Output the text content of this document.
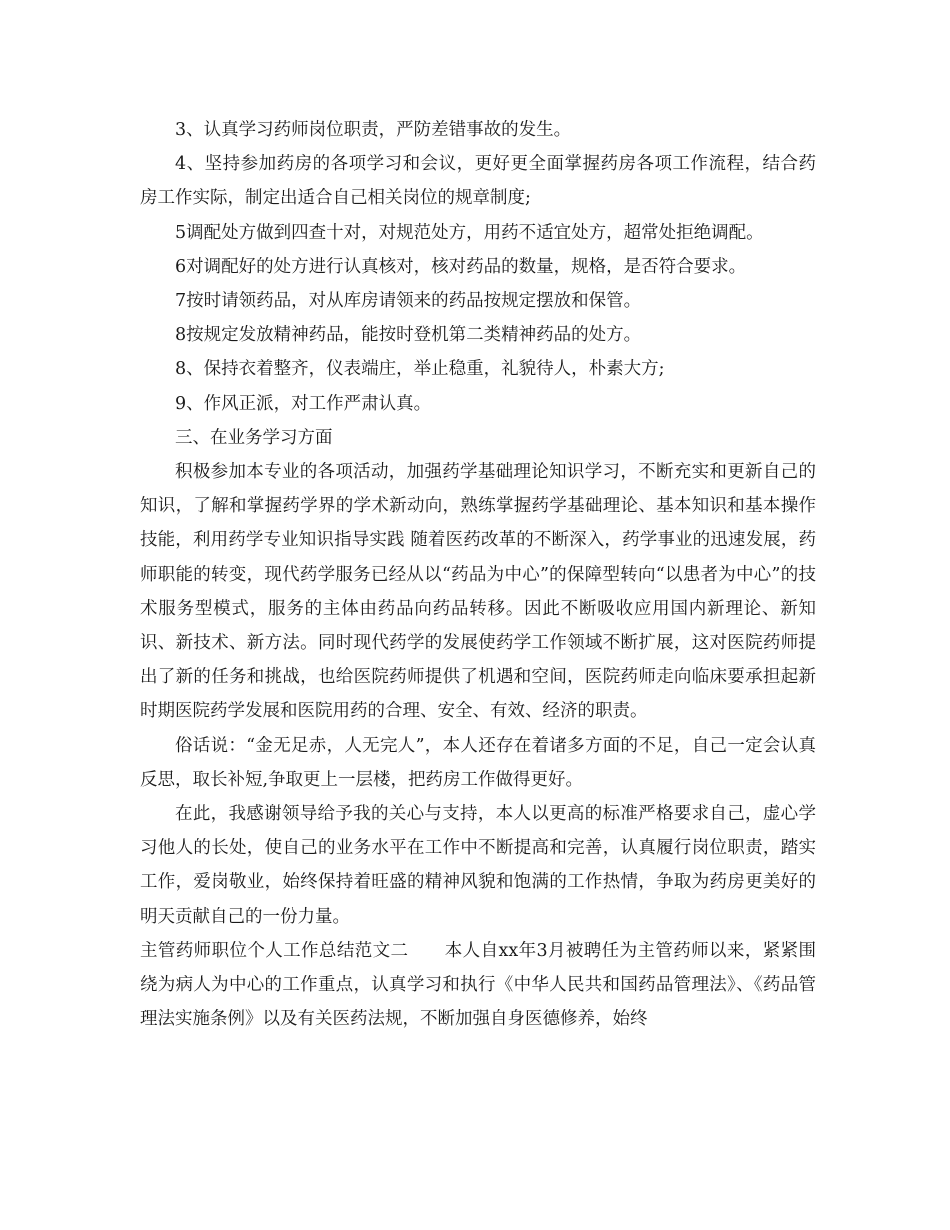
3、认真学习药师岗位职责，严防差错事故的发生。

4、坚持参加药房的各项学习和会议，更好更全面掌握药房各项工作流程，结合药房工作实际，制定出适合自己相关岗位的规章制度;

5调配处方做到四查十对，对规范处方，用药不适宜处方，超常处拒绝调配。

6对调配好的处方进行认真核对，核对药品的数量，规格，是否符合要求。

7按时请领药品，对从库房请领来的药品按规定摆放和保管。

8按规定发放精神药品，能按时登机第二类精神药品的处方。

8、保持衣着整齐，仪表端庄，举止稳重，礼貌待人，朴素大方;

9、作风正派，对工作严肃认真。

三、在业务学习方面

积极参加本专业的各项活动，加强药学基础理论知识学习，不断充实和更新自己的知识，了解和掌握药学界的学术新动向，熟练掌握药学基础理论、基本知识和基本操作技能，利用药学专业知识指导实践 随着医药改革的不断深入，药学事业的迅速发展，药师职能的转变，现代药学服务已经从以“药品为中心”的保障型转向“以患者为中心”的技术服务型模式，服务的主体由药品向药品转移。因此不断吸收应用国内新理论、新知识、新技术、新方法。同时现代药学的发展使药学工作领域不断扩展，这对医院药师提出了新的任务和挑战，也给医院药师提供了机遇和空间，医院药师走向临床要承担起新时期医院药学发展和医院用药的合理、安全、有效、经济的职责。

俗话说：“金无足赤，人无完人”，本人还存在着诸多方面的不足，自己一定会认真反思，取长补短,争取更上一层楼，把药房工作做得更好。

在此，我感谢领导给予我的关心与支持，本人以更高的标准严格要求自己，虚心学习他人的长处，使自己的业务水平在工作中不断提高和完善，认真履行岗位职责，踏实工作，爱岗敬业，始终保持着旺盛的精神风貌和饱满的工作热情，争取为药房更美好的明天贡献自己的一份力量。

主管药师职位个人工作总结范文二 本人自xx年3月被聘任为主管药师以来，紧紧围绕为病人为中心的工作重点，认真学习和执行《中华人民共和国药品管理法》、《药品管理法实施条例》以及有关医药法规，不断加强自身医德修养，始终
